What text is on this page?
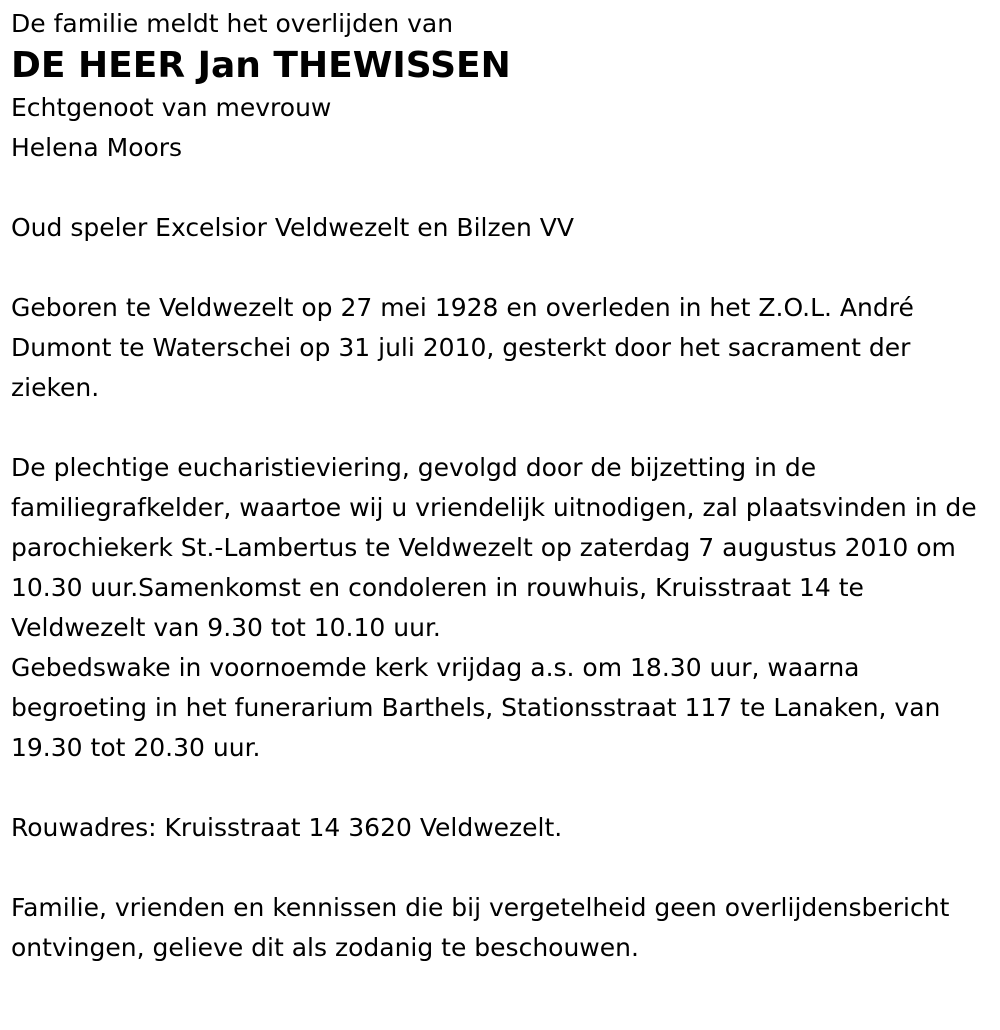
De familie meldt het overlijden van

DE HEER Jan THEWISSEN

Echtgenoot van mevrouw

Helena Moors

Oud speler Excelsior Veldwezelt en Bilzen VV

Geboren te Veldwezelt op 27 mei 1928 en overleden in het Z.O.L. André Dumont te Waterschei op 31 juli 2010, gesterkt door het sacrament der zieken.

De plechtige eucharistieviering, gevolgd door de bijzetting in de familiegrafkelder, waartoe wij u vriendelijk uitnodigen, zal plaatsvinden in de parochiekerk St.-Lambertus te Veldwezelt op zaterdag 7 augustus 2010 om 10.30 uur.Samenkomst en condoleren in rouwhuis, Kruisstraat 14 te Veldwezelt van 9.30 tot 10.10 uur.

Gebedswake in voornoemde kerk vrijdag a.s. om 18.30 uur, waarna begroeting in het funerarium Barthels, Stationsstraat 117 te Lanaken, van 19.30 tot 20.30 uur.

Rouwadres: Kruisstraat 14 3620 Veldwezelt.

Familie, vrienden en kennissen die bij vergetelheid geen overlijdensbericht ontvingen, gelieve dit als zodanig te beschouwen.
